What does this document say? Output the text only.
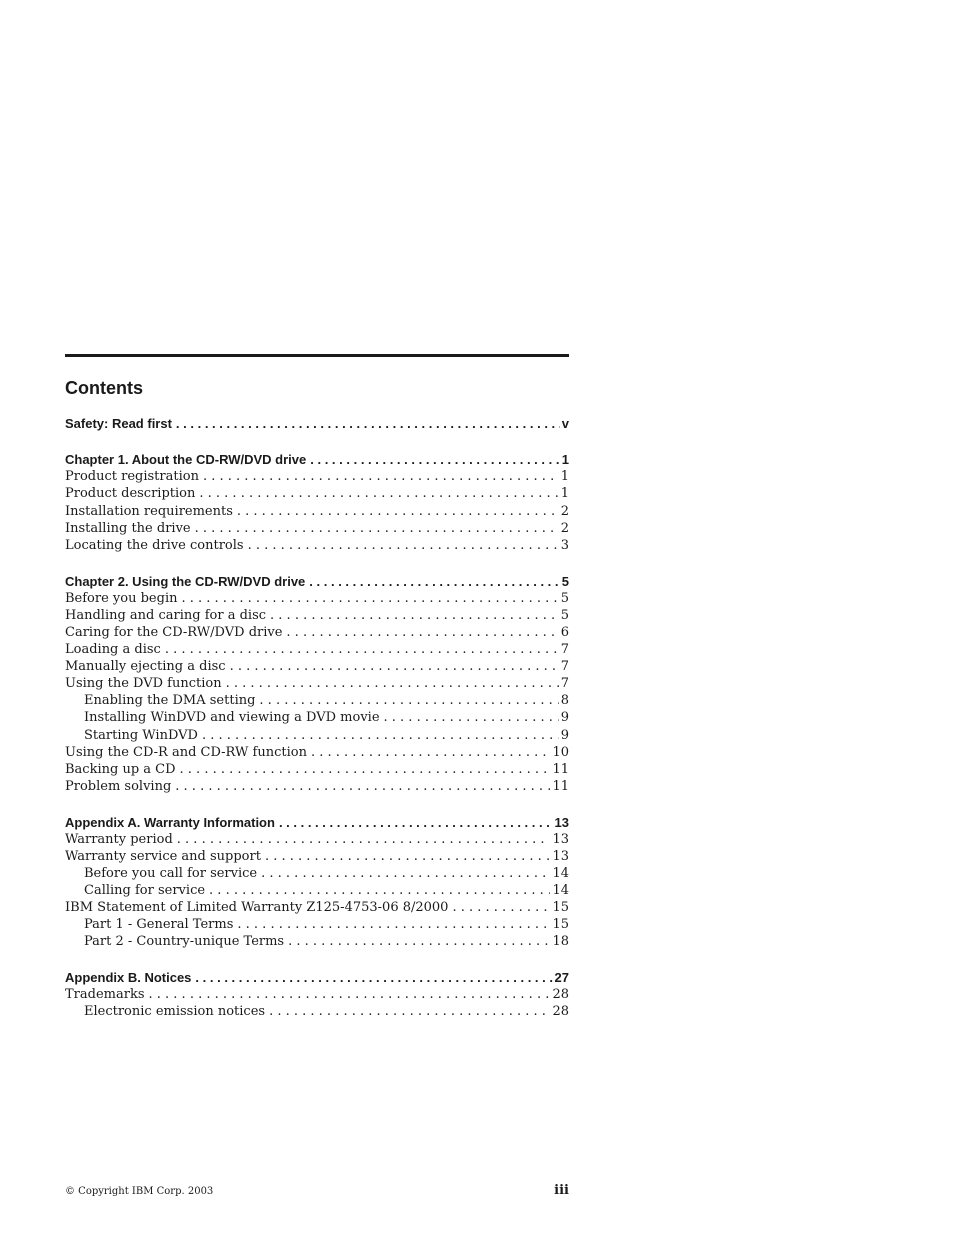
Contents
Safety: Read first . . .	v
Chapter 1. About the CD-RW/DVD drive . . .	1
Product registration . . .	1
Product description . . .	1
Installation requirements . . .	2
Installing the drive . . .	2
Locating the drive controls . . .	3
Chapter 2. Using the CD-RW/DVD drive . . .	5
Before you begin . . .	5
Handling and caring for a disc . . .	5
Caring for the CD-RW/DVD drive . . .	6
Loading a disc . . .	7
Manually ejecting a disc . . .	7
Using the DVD function . . .	7
Enabling the DMA setting . . .	8
Installing WinDVD and viewing a DVD movie . . .	9
Starting WinDVD . . .	9
Using the CD-R and CD-RW function . . .	10
Backing up a CD . . .	11
Problem solving . . .	11
Appendix A. Warranty Information . . .	13
Warranty period . . .	13
Warranty service and support . . .	13
Before you call for service . . .	14
Calling for service . . .	14
IBM Statement of Limited Warranty Z125-4753-06 8/2000 . . .	15
Part 1 - General Terms . . .	15
Part 2 - Country-unique Terms . . .	18
Appendix B. Notices . . .	27
Trademarks . . .	28
Electronic emission notices . . .	28
© Copyright IBM Corp. 2003	iii
